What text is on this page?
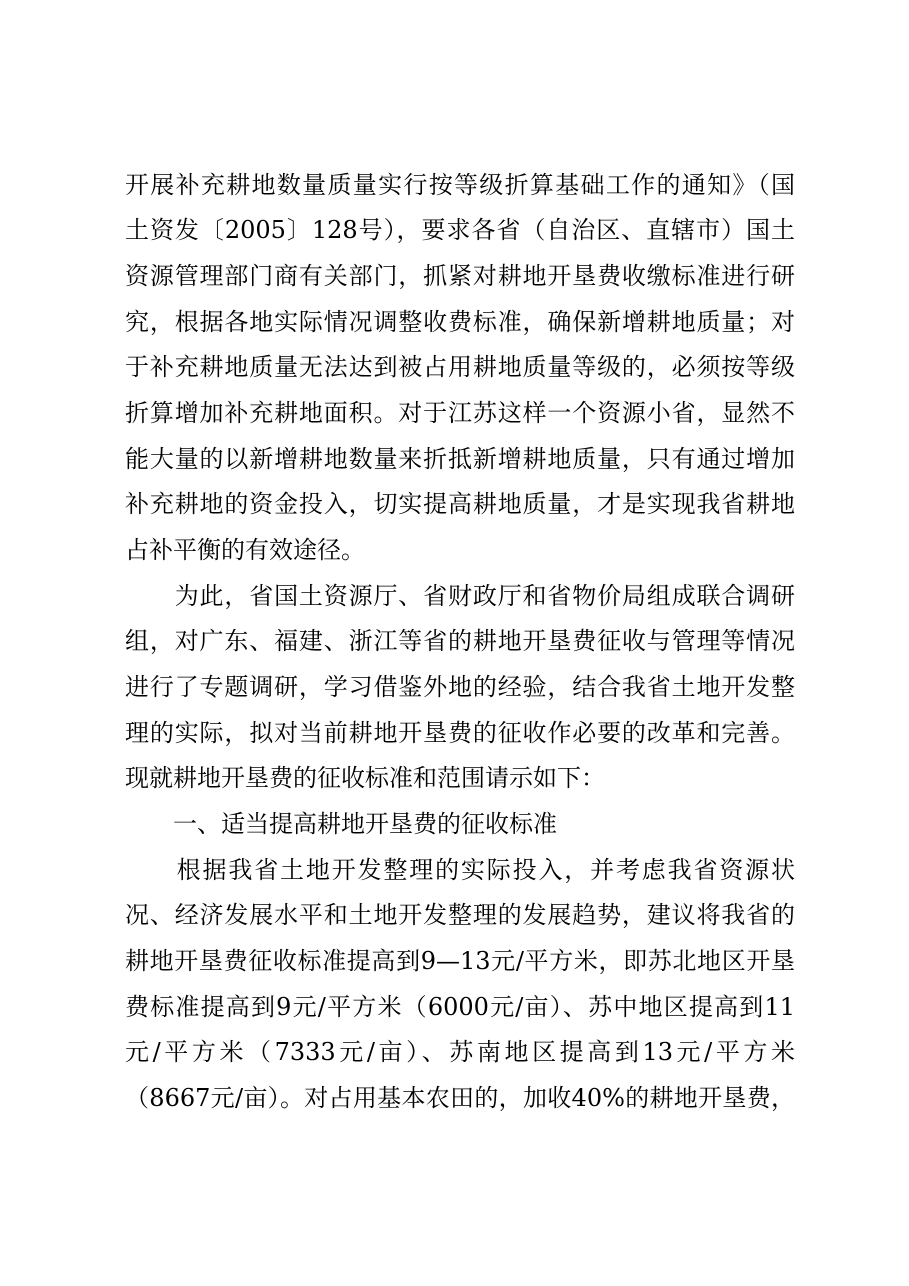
开展补充耕地数量质量实行按等级折算基础工作的通知》（国
土资发〔2005〕128号），要求各省（自治区、直辖市）国土
资源管理部门商有关部门，抓紧对耕地开垦费收缴标准进行研
究，根据各地实际情况调整收费标准，确保新增耕地质量；对
于补充耕地质量无法达到被占用耕地质量等级的，必须按等级
折算增加补充耕地面积。对于江苏这样一个资源小省，显然不
能大量的以新增耕地数量来折抵新增耕地质量，只有通过增加
补充耕地的资金投入，切实提高耕地质量，才是实现我省耕地
占补平衡的有效途径。
　　为此，省国土资源厅、省财政厅和省物价局组成联合调研
组，对广东、福建、浙江等省的耕地开垦费征收与管理等情况
进行了专题调研，学习借鉴外地的经验，结合我省土地开发整
理的实际，拟对当前耕地开垦费的征收作必要的改革和完善。
现就耕地开垦费的征收标准和范围请示如下：
　　一、适当提高耕地开垦费的征收标准
　　根据我省土地开发整理的实际投入，并考虑我省资源状
况、经济发展水平和土地开发整理的发展趋势，建议将我省的
耕地开垦费征收标准提高到9—13元/平方米，即苏北地区开垦
费标准提高到9元/平方米（6000元/亩）、苏中地区提高到11
元/平方米（7333元/亩）、苏南地区提高到13元/平方米
（8667元/亩）。对占用基本农田的，加收40%的耕地开垦费，
